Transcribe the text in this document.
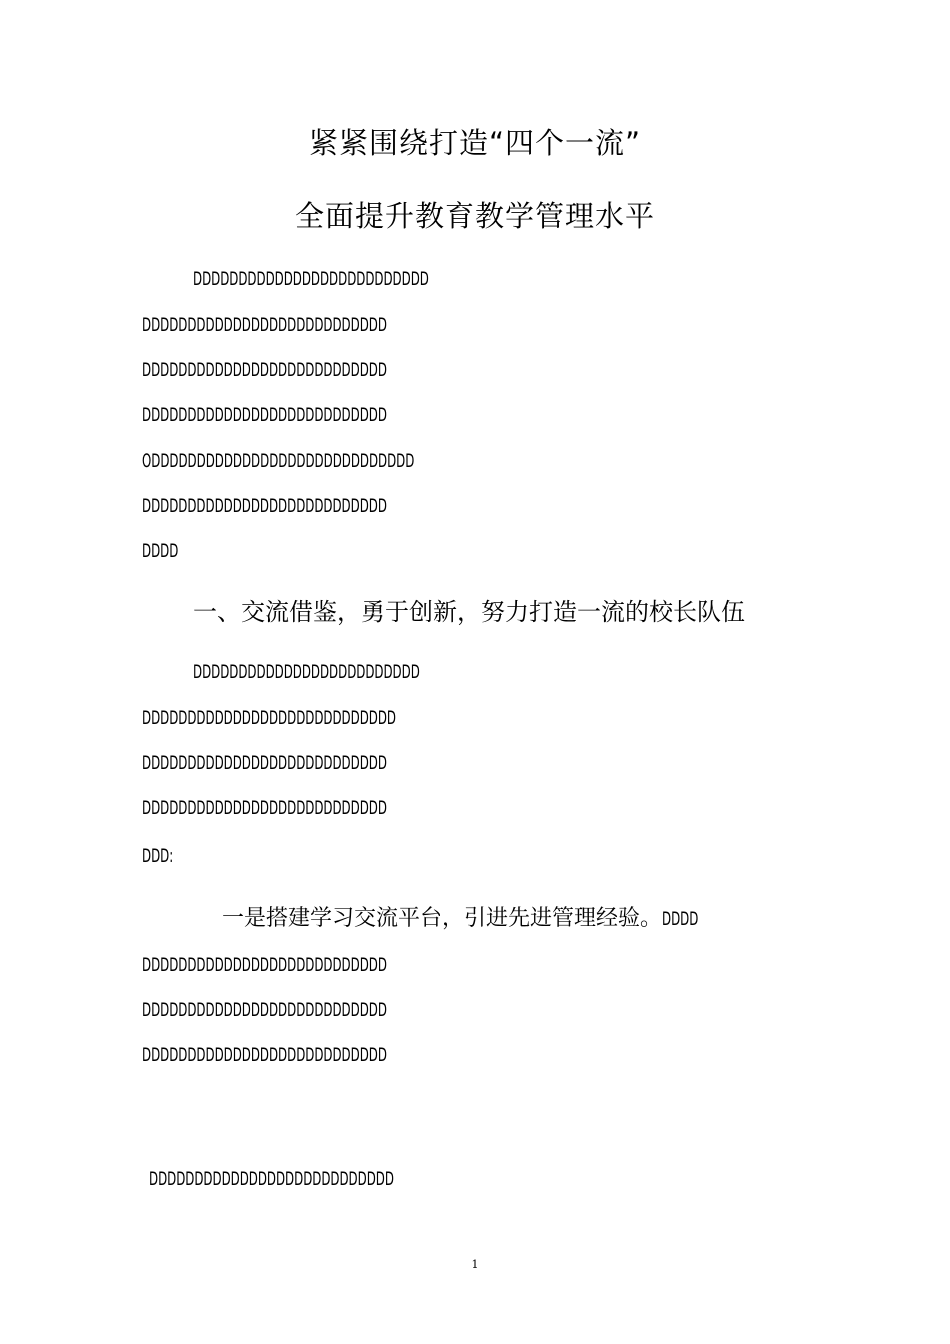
紧紧围绕打造“四个一流”
全面提升教育教学管理水平
DDDDDDDDDDDDDDDDDDDDDDDDDD
DDDDDDDDDDDDDDDDDDDDDDDDDDD
DDDDDDDDDDDDDDDDDDDDDDDDDDD
DDDDDDDDDDDDDDDDDDDDDDDDDDD
ODDDDDDDDDDDDDDDDDDDDDDDDDDDDD
DDDDDDDDDDDDDDDDDDDDDDDDDDD
DDDD
一、交流借鉴，勇于创新，努力打造一流的校长队伍
DDDDDDDDDDDDDDDDDDDDDDDDD
DDDDDDDDDDDDDDDDDDDDDDDDDDDD
DDDDDDDDDDDDDDDDDDDDDDDDDDD
DDDDDDDDDDDDDDDDDDDDDDDDDDD
DDD:
一是搭建学习交流平台，引进先进管理经验。DDDD
DDDDDDDDDDDDDDDDDDDDDDDDDDD
DDDDDDDDDDDDDDDDDDDDDDDDDDD
DDDDDDDDDDDDDDDDDDDDDDDDDDD
DDDDDDDDDDDDDDDDDDDDDDDDDDD
1
